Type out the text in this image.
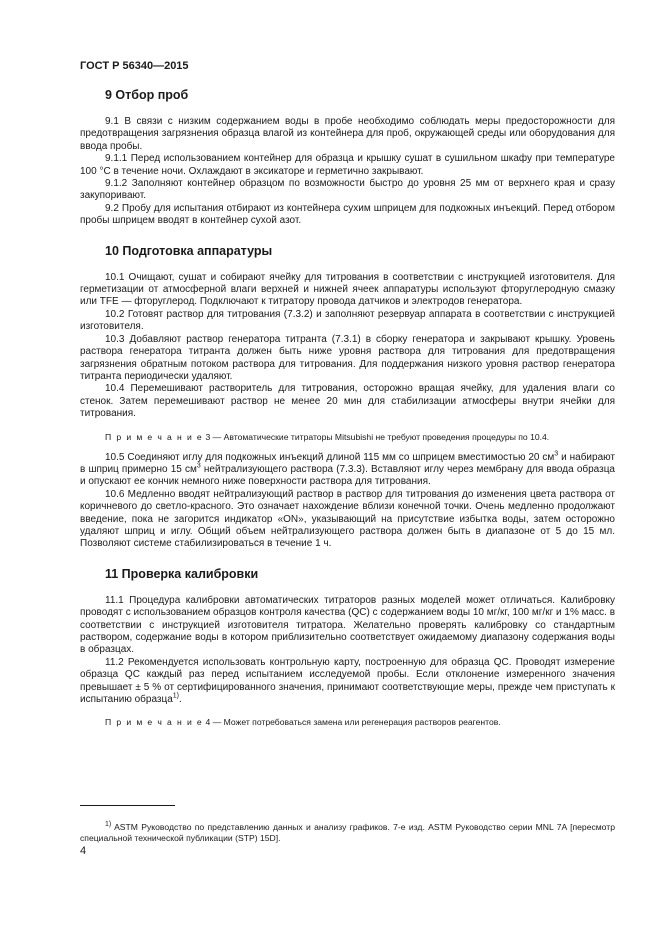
ГОСТ Р 56340—2015
9 Отбор проб

9.1 В связи с низким содержанием воды в пробе необходимо соблюдать меры предосторожности для предотвращения загрязнения образца влагой из контейнера для проб, окружающей среды или оборудования для ввода пробы.

9.1.1 Перед использованием контейнер для образца и крышку сушат в сушильном шкафу при температуре 100 °С в течение ночи. Охлаждают в эксикаторе и герметично закрывают.

9.1.2 Заполняют контейнер образцом по возможности быстро до уровня 25 мм от верхнего края и сразу закупоривают.

9.2 Пробу для испытания отбирают из контейнера сухим шприцем для подкожных инъекций. Перед отбором пробы шприцем вводят в контейнер сухой азот.

10 Подготовка аппаратуры

10.1 Очищают, сушат и собирают ячейку для титрования в соответствии с инструкцией изготовителя. Для герметизации от атмосферной влаги верхней и нижней ячеек аппаратуры используют фторуглеродную смазку или TFE — фторуглерод. Подключают к титратору провода датчиков и электродов генератора.

10.2 Готовят раствор для титрования (7.3.2) и заполняют резервуар аппарата в соответствии с инструкцией изготовителя.

10.3 Добавляют раствор генератора титранта (7.3.1) в сборку генератора и закрывают крышку. Уровень раствора генератора титранта должен быть ниже уровня раствора для титрования для предотвращения загрязнения обратным потоком раствора для титрования. Для поддержания низкого уровня раствор генератора титранта периодически удаляют.

10.4 Перемешивают растворитель для титрования, осторожно вращая ячейку, для удаления влаги со стенок. Затем перемешивают раствор не менее 20 мин для стабилизации атмосферы внутри ячейки для титрования.

П р и м е ч а н и е 3 — Автоматические титраторы Mitsubishi не требуют проведения процедуры по 10.4.

10.5 Соединяют иглу для подкожных инъекций длиной 115 мм со шприцем вместимостью 20 $см^3$ и набирают в шприц примерно 15 $см^3$ нейтрализующего раствора (7.3.3). Вставляют иглу через мембрану для ввода образца и опускают ее кончик немного ниже поверхности раствора для титрования.

10.6 Медленно вводят нейтрализующий раствор в раствор для титрования до изменения цвета раствора от коричневого до светло-красного. Это означает нахождение вблизи конечной точки. Очень медленно продолжают введение, пока не загорится индикатор «ON», указывающий на присутствие избытка воды, затем осторожно удаляют шприц и иглу. Общий объем нейтрализующего раствора должен быть в диапазоне от 5 до 15 мл. Позволяют системе стабилизироваться в течение 1 ч.

11 Проверка калибровки

11.1 Процедура калибровки автоматических титраторов разных моделей может отличаться. Калибровку проводят с использованием образцов контроля качества (QC) с содержанием воды 10 мг/кг, 100 мг/кг и 1% масс. в соответствии с инструкцией изготовителя титратора. Желательно проверять калибровку со стандартным раствором, содержание воды в котором приблизительно соответствует ожидаемому диапазону содержания воды в образцах.

11.2 Рекомендуется использовать контрольную карту, построенную для образца QC. Проводят измерение образца QC каждый раз перед испытанием исследуемой пробы. Если отклонение измеренного значения превышает ± 5 % от сертифицированного значения, принимают соответствующие меры, прежде чем приступать к испытанию образца$^{1)}$.

П р и м е ч а н и е 4 — Может потребоваться замена или регенерация растворов реагентов.

$^{1)}$ ASTM Руководство по представлению данных и анализу графиков. 7-е изд. ASTM Руководство серии MNL 7A [пересмотр специальной технической публикации (STP) 15D].

4
